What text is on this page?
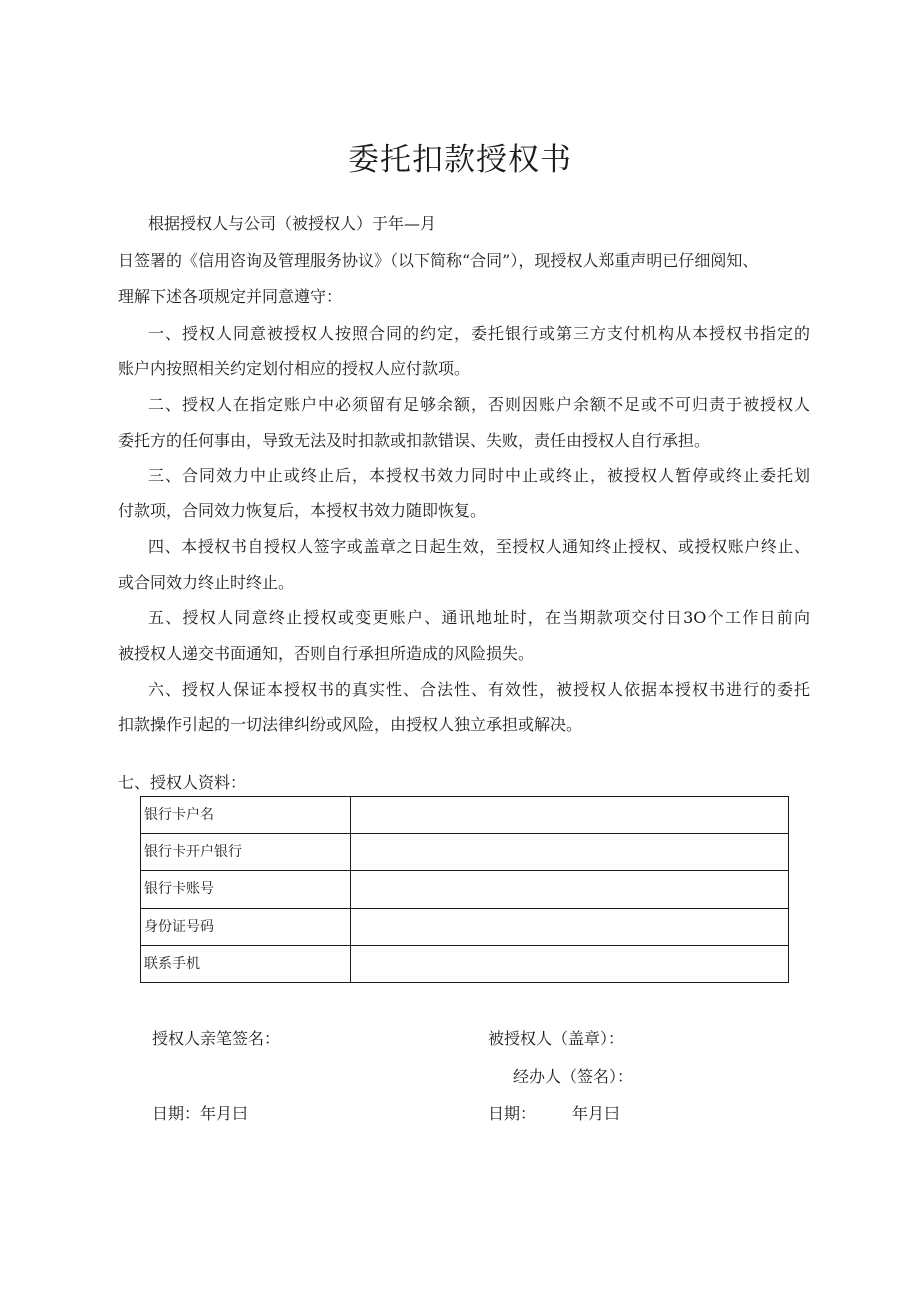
委托扣款授权书
根据授权人与公司（被授权人）于年—月
日签署的《信用咨询及管理服务协议》（以下简称“合同”），现授权人郑重声明已仔细阅知、
理解下述各项规定并同意遵守：
一、授权人同意被授权人按照合同的约定，委托银行或第三方支付机构从本授权书指定的
账户内按照相关约定划付相应的授权人应付款项。
二、授权人在指定账户中必须留有足够余额，否则因账户余额不足或不可归责于被授权人
委托方的任何事由，导致无法及时扣款或扣款错误、失败，责任由授权人自行承担。
三、合同效力中止或终止后，本授权书效力同时中止或终止，被授权人暂停或终止委托划
付款项，合同效力恢复后，本授权书效力随即恢复。
四、本授权书自授权人签字或盖章之日起生效，至授权人通知终止授权、或授权账户终止、
或合同效力终止时终止。
五、授权人同意终止授权或变更账户、通讯地址时，在当期款项交付日3O个工作日前向
被授权人递交书面通知，否则自行承担所造成的风险损失。
六、授权人保证本授权书的真实性、合法性、有效性，被授权人依据本授权书进行的委托
扣款操作引起的一切法律纠纷或风险，由授权人独立承担或解决。
七、授权人资料：
银行卡户名	
银行卡开户银行	
银行卡账号	
身份证号码	
联系手机	
授权人亲笔签名：	被授权人（盖章）：
经办人（签名）：
日期：年月曰	日期： 年月曰
